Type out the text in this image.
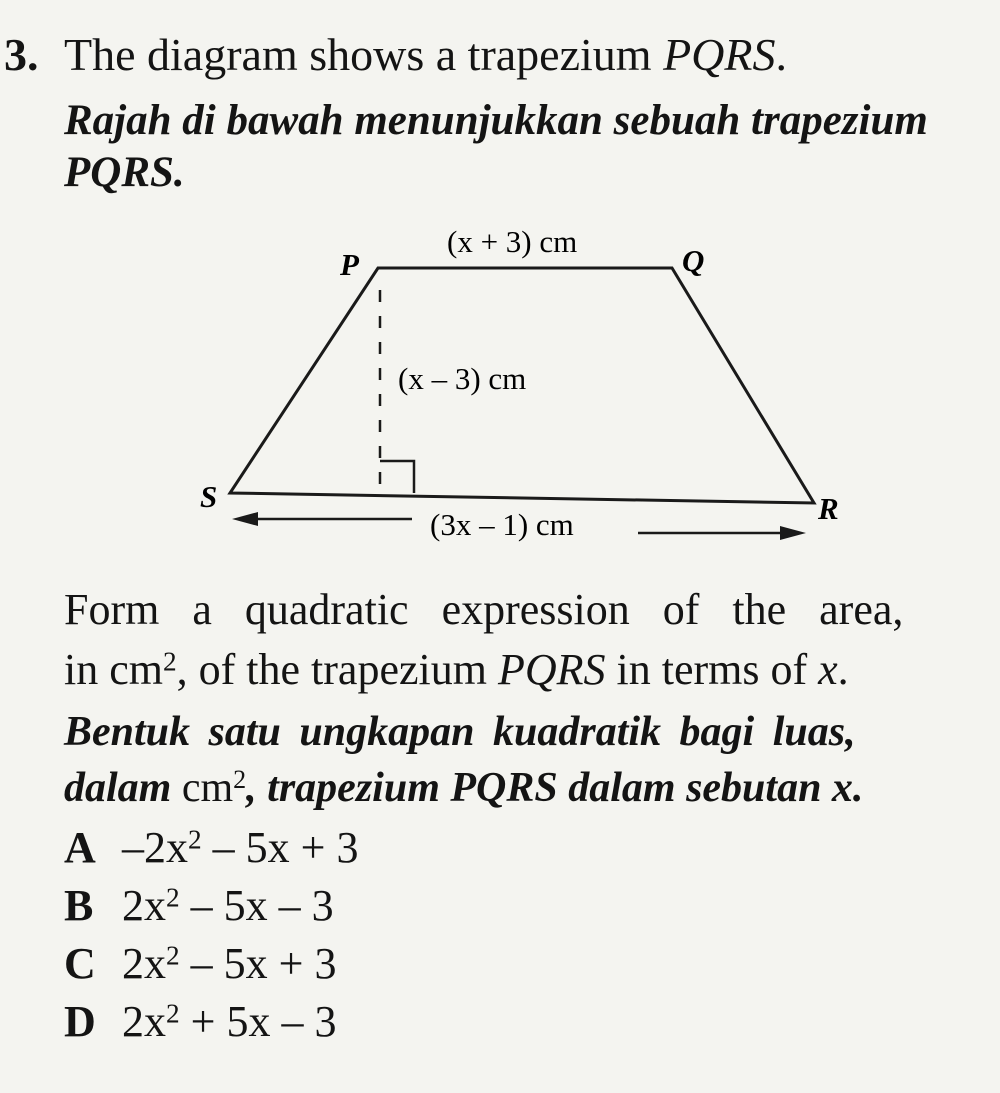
3. The diagram shows a trapezium PQRS.
Rajah di bawah menunjukkan sebuah trapezium
PQRS.
P	Q
S	R
(x + 3) cm
(x – 3) cm
(3x – 1) cm
Form a quadratic expression of the area,
in $cm^2$, of the trapezium PQRS in terms of x.
Bentuk satu ungkapan kuadratik bagi luas,
dalam $cm^2$, trapezium PQRS dalam sebutan x.
A $-2x^2 - 5x + 3$
B $2x^2 - 5x - 3$
C $2x^2 - 5x + 3$
D $2x^2 + 5x - 3$
